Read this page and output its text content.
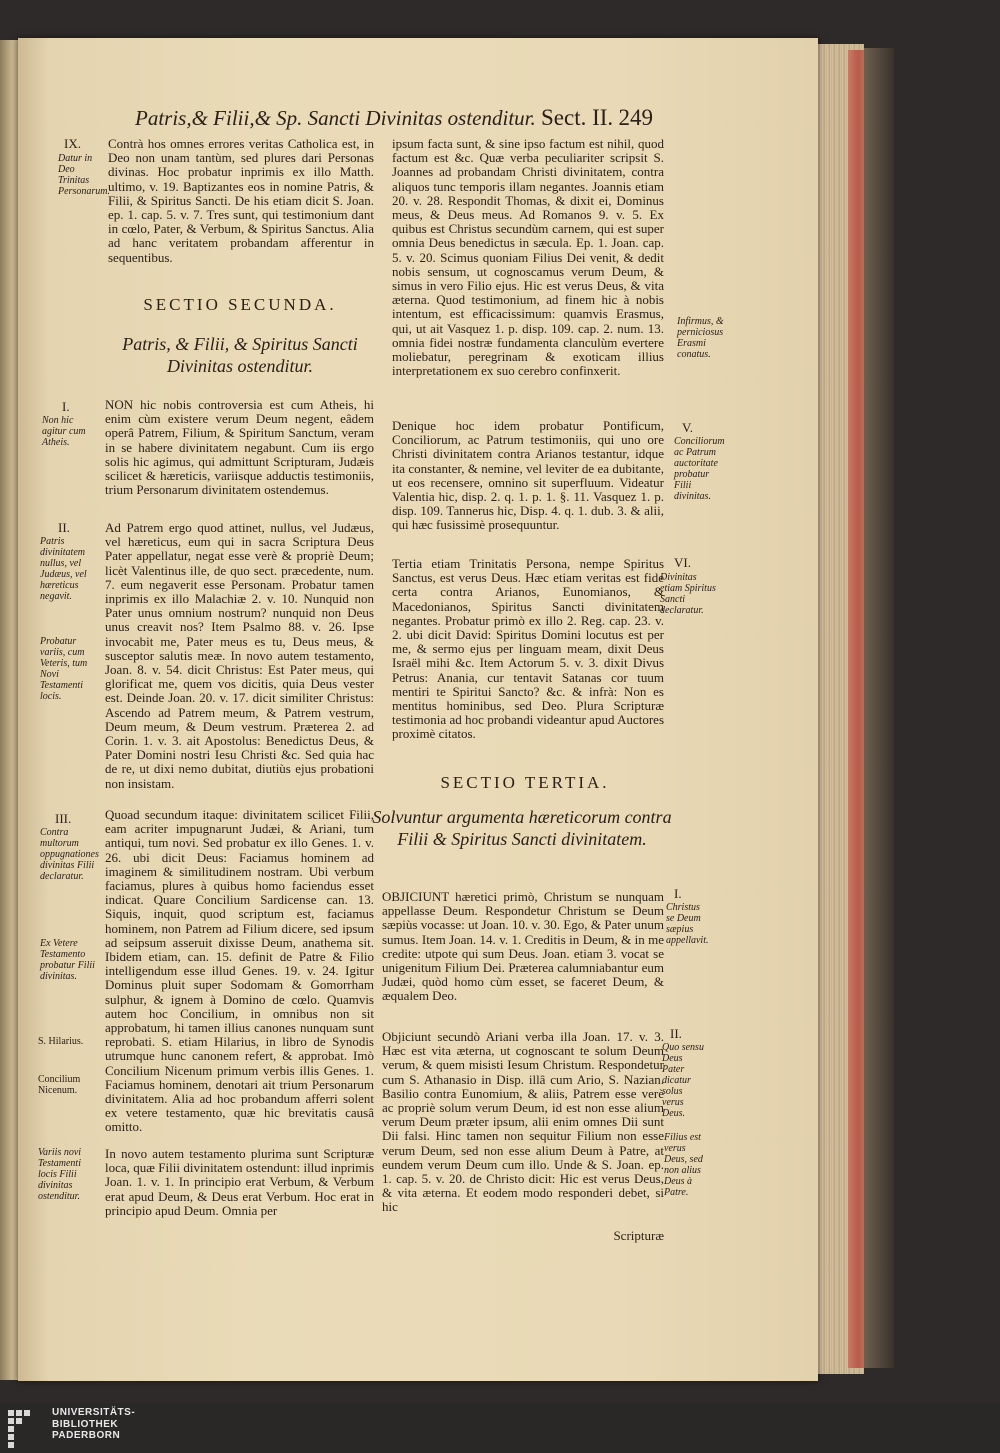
Patris,& Filii,& Sp. Sancti Divinitas ostenditur. Sect. II. 249
Contrà hos omnes errores veritas Catholica est, in Deo non unam tantùm, sed plures dari Personas divinas. Hoc probatur inprimis ex illo Matth. ultimo, v. 19. Baptizantes eos in nomine Patris, & Filii, & Spiritus Sancti. De his etiam dicit S. Joan. ep. 1. cap. 5. v. 7. Tres sunt, qui testimonium dant in cœlo, Pater, & Verbum, & Spiritus Sanctus. Alia ad hanc veritatem probandam afferentur in sequentibus.
SECTIO SECUNDA.
Patris, & Filii, & Spiritus Sancti Divinitas ostenditur.
NON hic nobis controversia est cum Atheis, hi enim cùm existere verum Deum negent, eâdem operâ Patrem, Filium, & Spiritum Sanctum, veram in se habere divinitatem negabunt. Cum iis ergo solis hic agimus, qui admittunt Scripturam, Judæis scilicet & hæreticis, variisque adductis testimoniis, trium Personarum divinitatem ostendemus.
Ad Patrem ergo quod attinet, nullus, vel Judæus, vel hæreticus, eum qui in sacra Scriptura Deus Pater appellatur, negat esse verè & propriè Deum; licèt Valentinus ille, de quo sect. præcedente, num. 7. eum negaverit esse Personam. Probatur tamen inprimis ex illo Malachiæ 2. v. 10. Nunquid non Pater unus omnium nostrum? nunquid non Deus unus creavit nos? Item Psalmo 88. v. 26. Ipse invocabit me, Pater meus es tu, Deus meus, & susceptor salutis meæ. In novo autem testamento, Joan. 8. v. 54. dicit Christus: Est Pater meus, qui glorificat me, quem vos dicitis, quia Deus vester est. Deinde Joan. 20. v. 17. dicit similiter Christus: Ascendo ad Patrem meum, & Patrem vestrum, Deum meum, & Deum vestrum. Præterea 2. ad Corin. 1. v. 3. ait Apostolus: Benedictus Deus, & Pater Domini nostri Iesu Christi &c. Sed quia hac de re, ut dixi nemo dubitat, diutiùs ejus probationi non insistam.
Quoad secundum itaque: divinitatem scilicet Filii, eam acriter impugnarunt Judæi, & Ariani, tum antiqui, tum novi. Sed probatur ex illo Genes. 1. v. 26. ubi dicit Deus: Faciamus hominem ad imaginem & similitudinem nostram. Ubi verbum faciamus, plures à quibus homo faciendus esset indicat. Quare Concilium Sardicense can. 13. Siquis, inquit, quod scriptum est, faciamus hominem, non Patrem ad Filium dicere, sed ipsum ad seipsum asseruit dixisse Deum, anathema sit. Ibidem etiam, can. 15. definit de Patre & Filio intelligendum esse illud Genes. 19. v. 24. Igitur Dominus pluit super Sodomam & Gomorrham sulphur, & ignem à Domino de cœlo. Quamvis autem hoc Concilium, in omnibus non sit approbatum, hi tamen illius canones nunquam sunt reprobati. S. etiam Hilarius, in libro de Synodis utrumque hunc canonem refert, & approbat. Imò Concilium Nicenum primum verbis illis Genes. 1. Faciamus hominem, denotari ait trium Personarum divinitatem. Alia ad hoc probandum afferri solent ex vetere testamento, quæ hic brevitatis causâ omitto.
In novo autem testamento plurima sunt Scripturæ loca, quæ Filii divinitatem ostendunt: illud inprimis Joan. 1. v. 1. In principio erat Verbum, & Verbum erat apud Deum, & Deus erat Verbum. Hoc erat in principio apud Deum. Omnia per
IX.
Datur in Deo Trinitas Personarum.
I.
Non hic agitur cum Atheis.
II.
Patris divinitatem nullus, vel Judæus, vel hæreticus negavit.
Probatur variis, cum Veteris, tum Novi Testamenti locis.
III.
Contra multorum oppugnationes divinitas Filii declaratur.
Ex Vetere Testamento probatur Filii divinitas.
S. Hilarius.
Concilium Nicenum.
Variis novi Testamenti locis Filii divinitas ostenditur.
ipsum facta sunt, & sine ipso factum est nihil, quod factum est &c. Quæ verba peculiariter scripsit S. Joannes ad probandam Christi divinitatem, contra aliquos tunc temporis illam negantes. Joannis etiam 20. v. 28. Respondit Thomas, & dixit ei, Dominus meus, & Deus meus. Ad Romanos 9. v. 5. Ex quibus est Christus secundùm carnem, qui est super omnia Deus benedictus in sæcula. Ep. 1. Joan. cap. 5. v. 20. Scimus quoniam Filius Dei venit, & dedit nobis sensum, ut cognoscamus verum Deum, & simus in vero Filio ejus. Hic est verus Deus, & vita æterna. Quod testimonium, ad finem hic à nobis intentum, est efficacissimum: quamvis Erasmus, qui, ut ait Vasquez 1. p. disp. 109. cap. 2. num. 13. omnia fidei nostræ fundamenta clanculùm evertere moliebatur, peregrinam & exoticam illius interpretationem ex suo cerebro confinxerit.
Denique hoc idem probatur Pontificum, Conciliorum, ac Patrum testimoniis, qui uno ore Christi divinitatem contra Arianos testantur, idque ita constanter, & nemine, vel leviter de ea dubitante, ut eos recensere, omnino sit superfluum. Videatur Valentia hic, disp. 2. q. 1. p. 1. §. 11. Vasquez 1. p. disp. 109. Tannerus hic, Disp. 4. q. 1. dub. 3. & alii, qui hæc fusissimè prosequuntur.
Tertia etiam Trinitatis Persona, nempe Spiritus Sanctus, est verus Deus. Hæc etiam veritas est fide certa contra Arianos, Eunomianos, & Macedonianos, Spiritus Sancti divinitatem negantes. Probatur primò ex illo 2. Reg. cap. 23. v. 2. ubi dicit David: Spiritus Domini locutus est per me, & sermo ejus per linguam meam, dixit Deus Israël mihi &c. Item Actorum 5. v. 3. dixit Divus Petrus: Anania, cur tentavit Satanas cor tuum mentiri te Spiritui Sancto? &c. & infrà: Non es mentitus hominibus, sed Deo. Plura Scripturæ testimonia ad hoc probandi videantur apud Auctores proximè citatos.
SECTIO TERTIA.
Solvuntur argumenta hæreticorum contra Filii & Spiritus Sancti divinitatem.
OBJICIUNT hæretici primò, Christum se nunquam appellasse Deum. Respondetur Christum se Deum sæpiùs vocasse: ut Joan. 10. v. 30. Ego, & Pater unum sumus. Item Joan. 14. v. 1. Creditis in Deum, & in me credite: utpote qui sum Deus. Joan. etiam 3. vocat se unigenitum Filium Dei. Præterea calumniabantur eum Judæi, quòd homo cùm esset, se faceret Deum, & æqualem Deo.
Objiciunt secundò Ariani verba illa Joan. 17. v. 3. Hæc est vita æterna, ut cognoscant te solum Deum verum, & quem misisti Iesum Christum. Respondetur cum S. Athanasio in Disp. illâ cum Ario, S. Nazian. Basilio contra Eunomium, & aliis, Patrem esse verè ac propriè solum verum Deum, id est non esse alium verum Deum præter ipsum, alii enim omnes Dii sunt Dii falsi. Hinc tamen non sequitur Filium non esse verum Deum, sed non esse alium Deum à Patre, at eundem verum Deum cum illo. Unde & S. Joan. ep. 1. cap. 5. v. 20. de Christo dicit: Hic est verus Deus, & vita æterna. Et eodem modo responderi debet, si hic
Scripturæ
Infirmus, & perniciosus Erasmi conatus.
V.
Conciliorum ac Patrum auctoritate probatur Filii divinitas.
VI.
Divinitas etiam Spiritus Sancti declaratur.
I.
Christus se Deum sæpius appellavit.
II.
Quo sensu Deus Pater dicatur solus verus Deus.
Filius est verus Deus, sed non alius Deus à Patre.
UNIVERSITÄTS-
BIBLIOTHEK
PADERBORN
